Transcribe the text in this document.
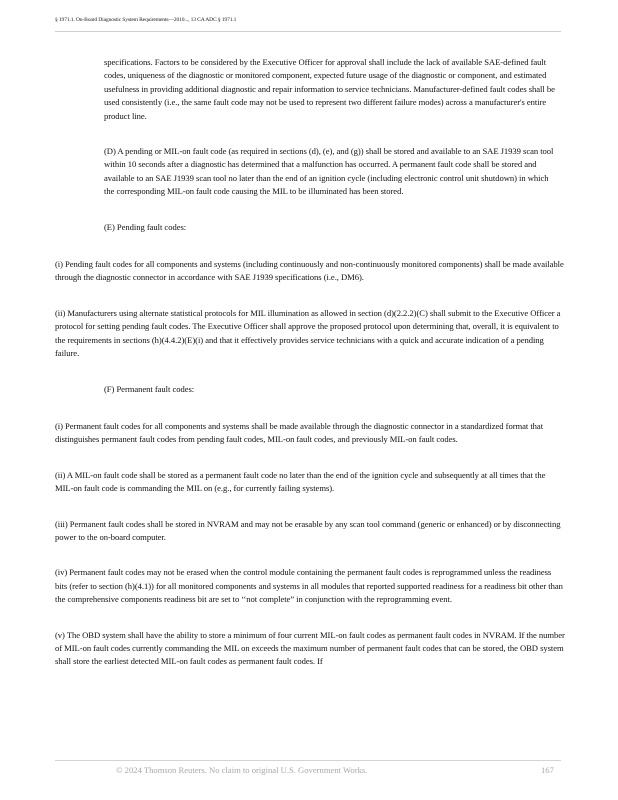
§ 1971.1. On-Board Diagnostic System Requirements—2010..., 13 CA ADC § 1971.1

specifications. Factors to be considered by the Executive Officer for approval shall include the lack of available SAE-defined fault codes, uniqueness of the diagnostic or monitored component, expected future usage of the diagnostic or component, and estimated usefulness in providing additional diagnostic and repair information to service technicians. Manufacturer-defined fault codes shall be used consistently (i.e., the same fault code may not be used to represent two different failure modes) across a manufacturer's entire product line.

(D) A pending or MIL-on fault code (as required in sections (d), (e), and (g)) shall be stored and available to an SAE J1939 scan tool within 10 seconds after a diagnostic has determined that a malfunction has occurred. A permanent fault code shall be stored and available to an SAE J1939 scan tool no later than the end of an ignition cycle (including electronic control unit shutdown) in which the corresponding MIL-on fault code causing the MIL to be illuminated has been stored.

(E) Pending fault codes:

(i) Pending fault codes for all components and systems (including continuously and non-continuously monitored components) shall be made available through the diagnostic connector in accordance with SAE J1939 specifications (i.e., DM6).

(ii) Manufacturers using alternate statistical protocols for MIL illumination as allowed in section (d)(2.2.2)(C) shall submit to the Executive Officer a protocol for setting pending fault codes. The Executive Officer shall approve the proposed protocol upon determining that, overall, it is equivalent to the requirements in sections (h)(4.4.2)(E)(i) and that it effectively provides service technicians with a quick and accurate indication of a pending failure.

(F) Permanent fault codes:

(i) Permanent fault codes for all components and systems shall be made available through the diagnostic connector in a standardized format that distinguishes permanent fault codes from pending fault codes, MIL-on fault codes, and previously MIL-on fault codes.

(ii) A MIL-on fault code shall be stored as a permanent fault code no later than the end of the ignition cycle and subsequently at all times that the MIL-on fault code is commanding the MIL on (e.g., for currently failing systems).

(iii) Permanent fault codes shall be stored in NVRAM and may not be erasable by any scan tool command (generic or enhanced) or by disconnecting power to the on-board computer.

(iv) Permanent fault codes may not be erased when the control module containing the permanent fault codes is reprogrammed unless the readiness bits (refer to section (h)(4.1)) for all monitored components and systems in all modules that reported supported readiness for a readiness bit other than the comprehensive components readiness bit are set to ‘‘not complete” in conjunction with the reprogramming event.

(v) The OBD system shall have the ability to store a minimum of four current MIL-on fault codes as permanent fault codes in NVRAM. If the number of MIL-on fault codes currently commanding the MIL on exceeds the maximum number of permanent fault codes that can be stored, the OBD system shall store the earliest detected MIL-on fault codes as permanent fault codes. If

© 2024 Thomson Reuters. No claim to original U.S. Government Works.	167
